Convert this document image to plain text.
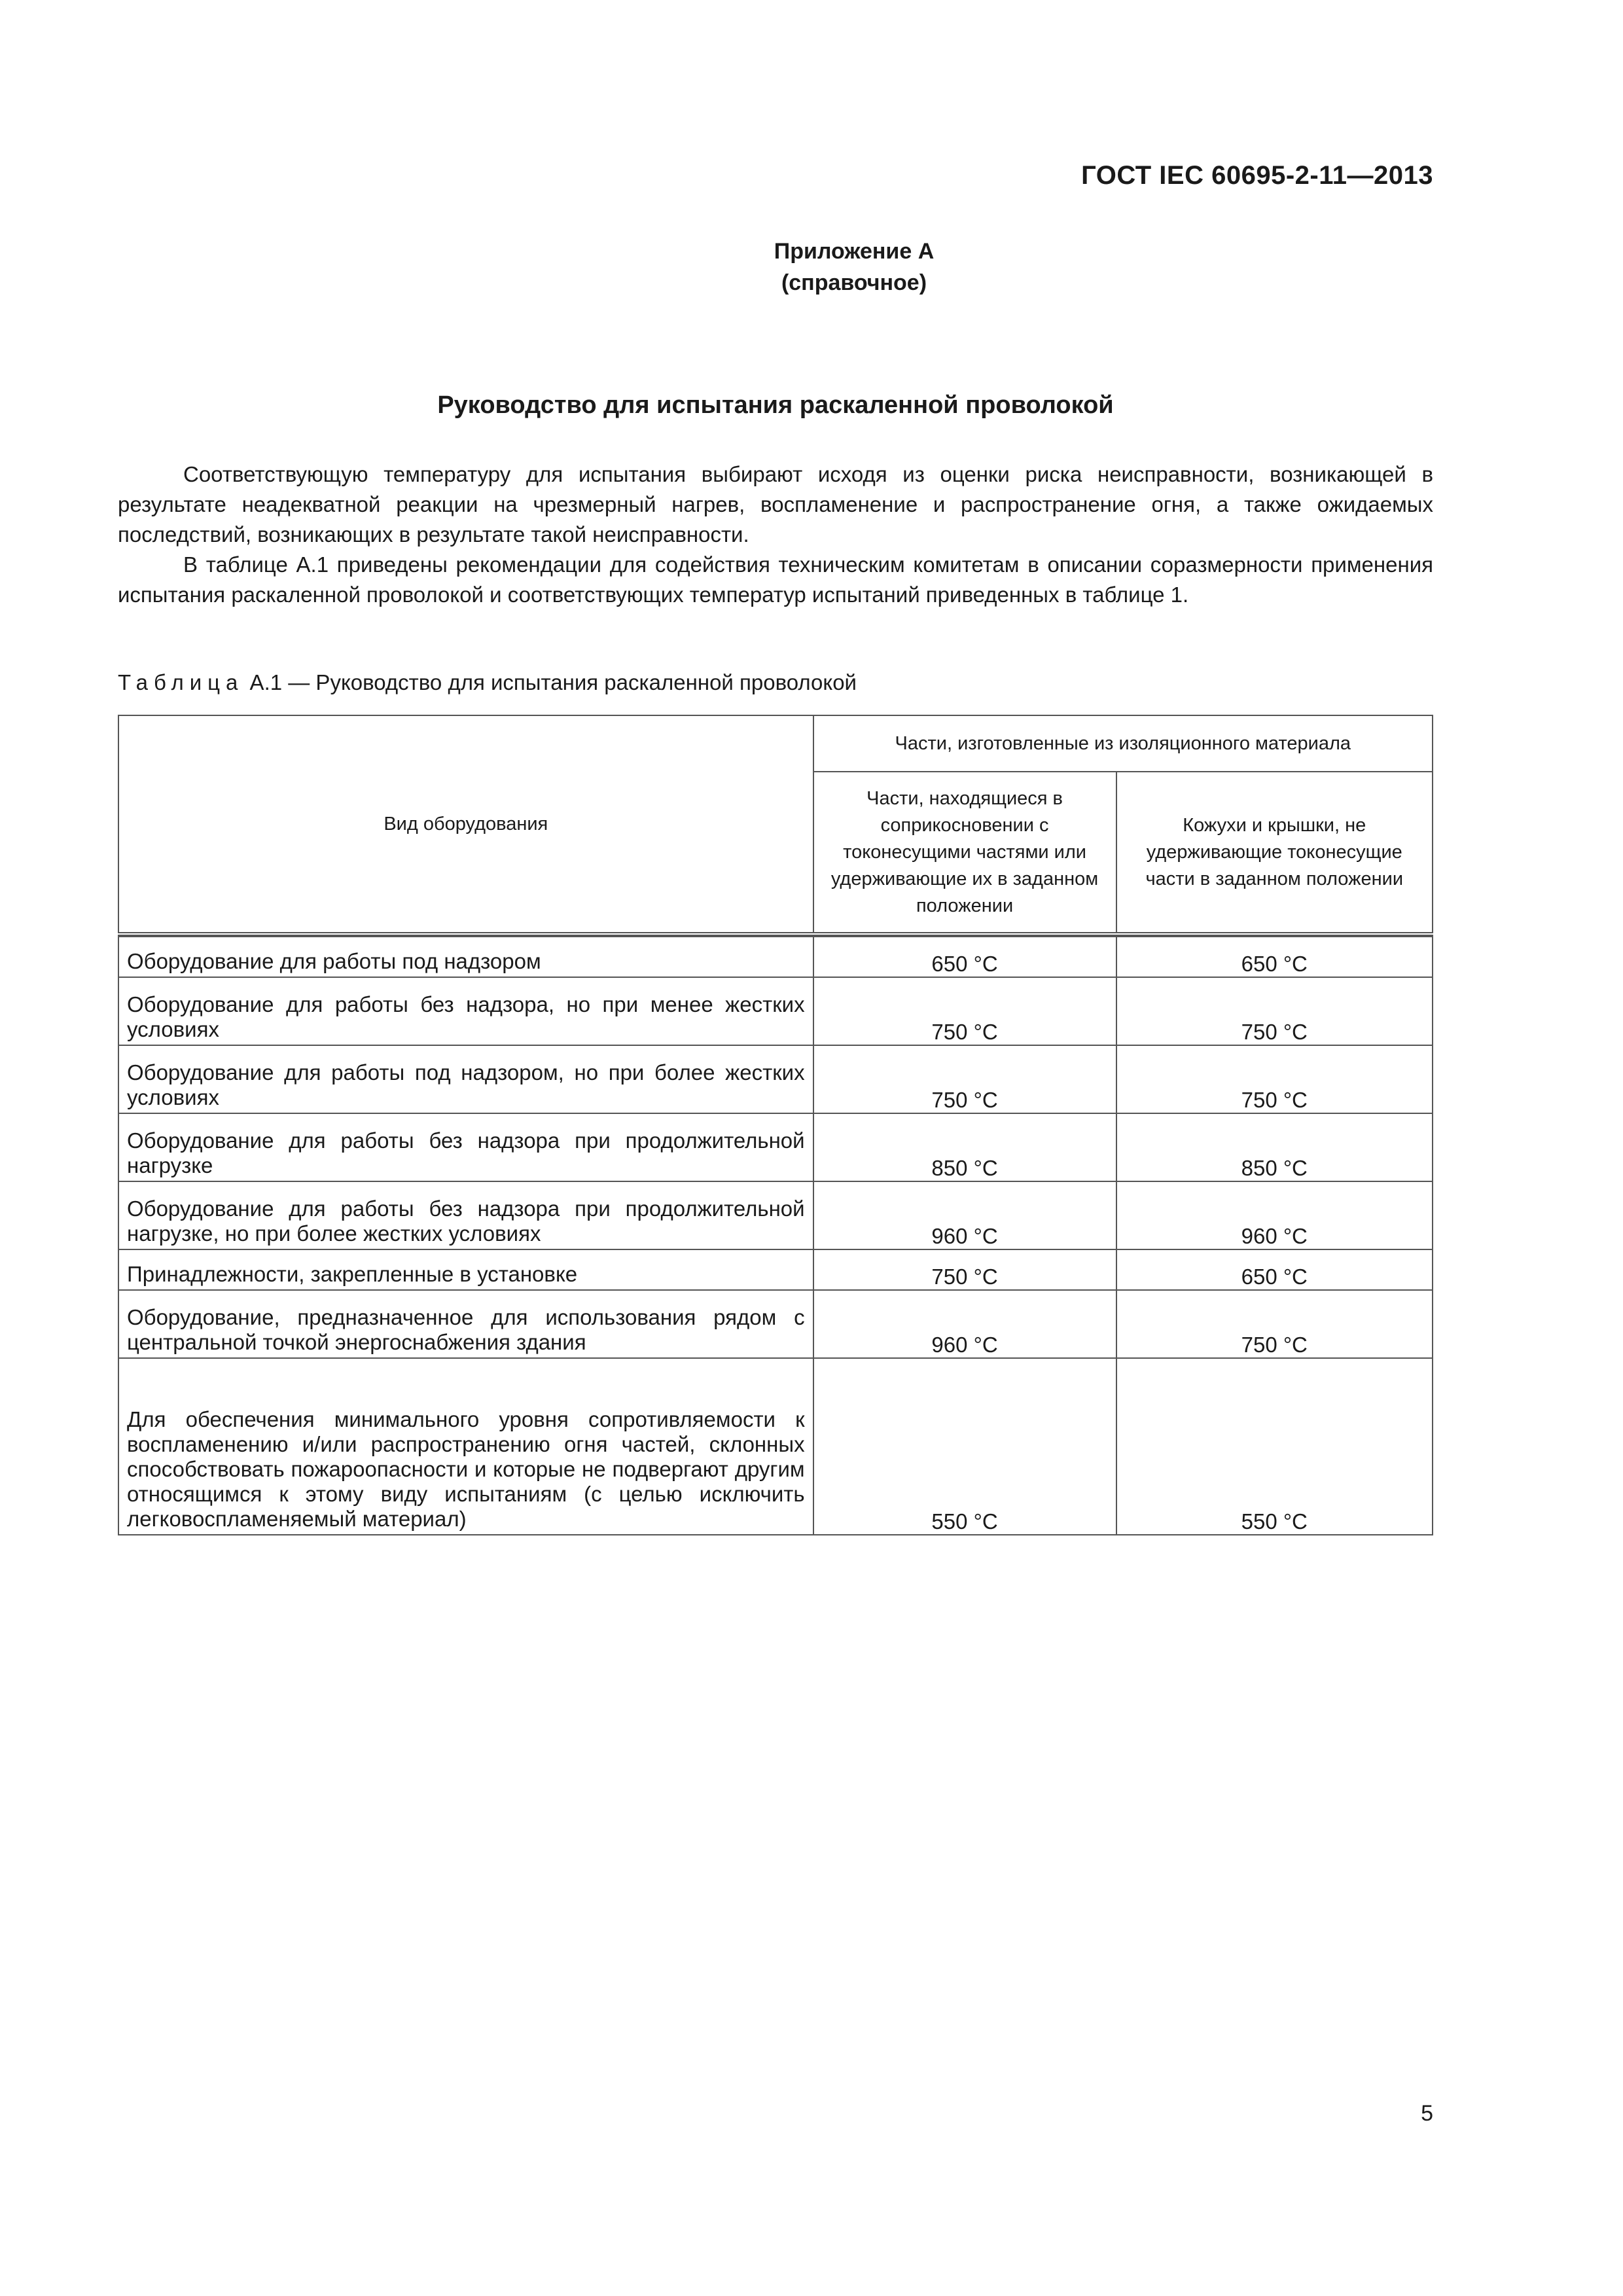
ГОСТ IEC 60695-2-11—2013
Приложение А
(справочное)
Руководство для испытания раскаленной проволокой

Соответствующую температуру для испытания выбирают исходя из оценки риска неисправности, возникающей в результате неадекватной реакции на чрезмерный нагрев, воспламенение и распространение огня, а также ожидаемых последствий, возникающих в результате такой неисправности.

В таблице А.1 приведены рекомендации для содействия техническим комитетам в описании соразмерности применения испытания раскаленной проволокой и соответствующих температур испытаний приведенных в таблице 1.

Таблица А.1 — Руководство для испытания раскаленной проволокой
Вид оборудования	Части, изготовленные из изоляционного материала	
	Части, находящиеся в соприкосновении с токонесущими частями или удерживающие их в заданном положении	Кожухи и крышки, не удерживающие токонесущие части в заданном положении

Оборудование для работы под надзором	650 °C	650 °C
Оборудование для работы без надзора, но при менее жестких условиях	750 °C	750 °C
Оборудование для работы под надзором, но при более жестких условиях	750 °C	750 °C
Оборудование для работы без надзора при продолжительной нагрузке	850 °C	850 °C
Оборудование для работы без надзора при продолжительной нагрузке, но при более жестких условиях	960 °C	960 °C
Принадлежности, закрепленные в установке	750 °C	650 °C
Оборудование, предназначенное для использования рядом с центральной точкой энергоснабжения здания	960 °C	750 °C
Для обеспечения минимального уровня сопротивляемости к воспламенению и/или распространению огня частей, склонных способствовать пожароопасности и которые не подвергают другим относящимся к этому виду испытаниям (с целью исключить легковоспламеняемый материал)	550 °C	550 °C
5
